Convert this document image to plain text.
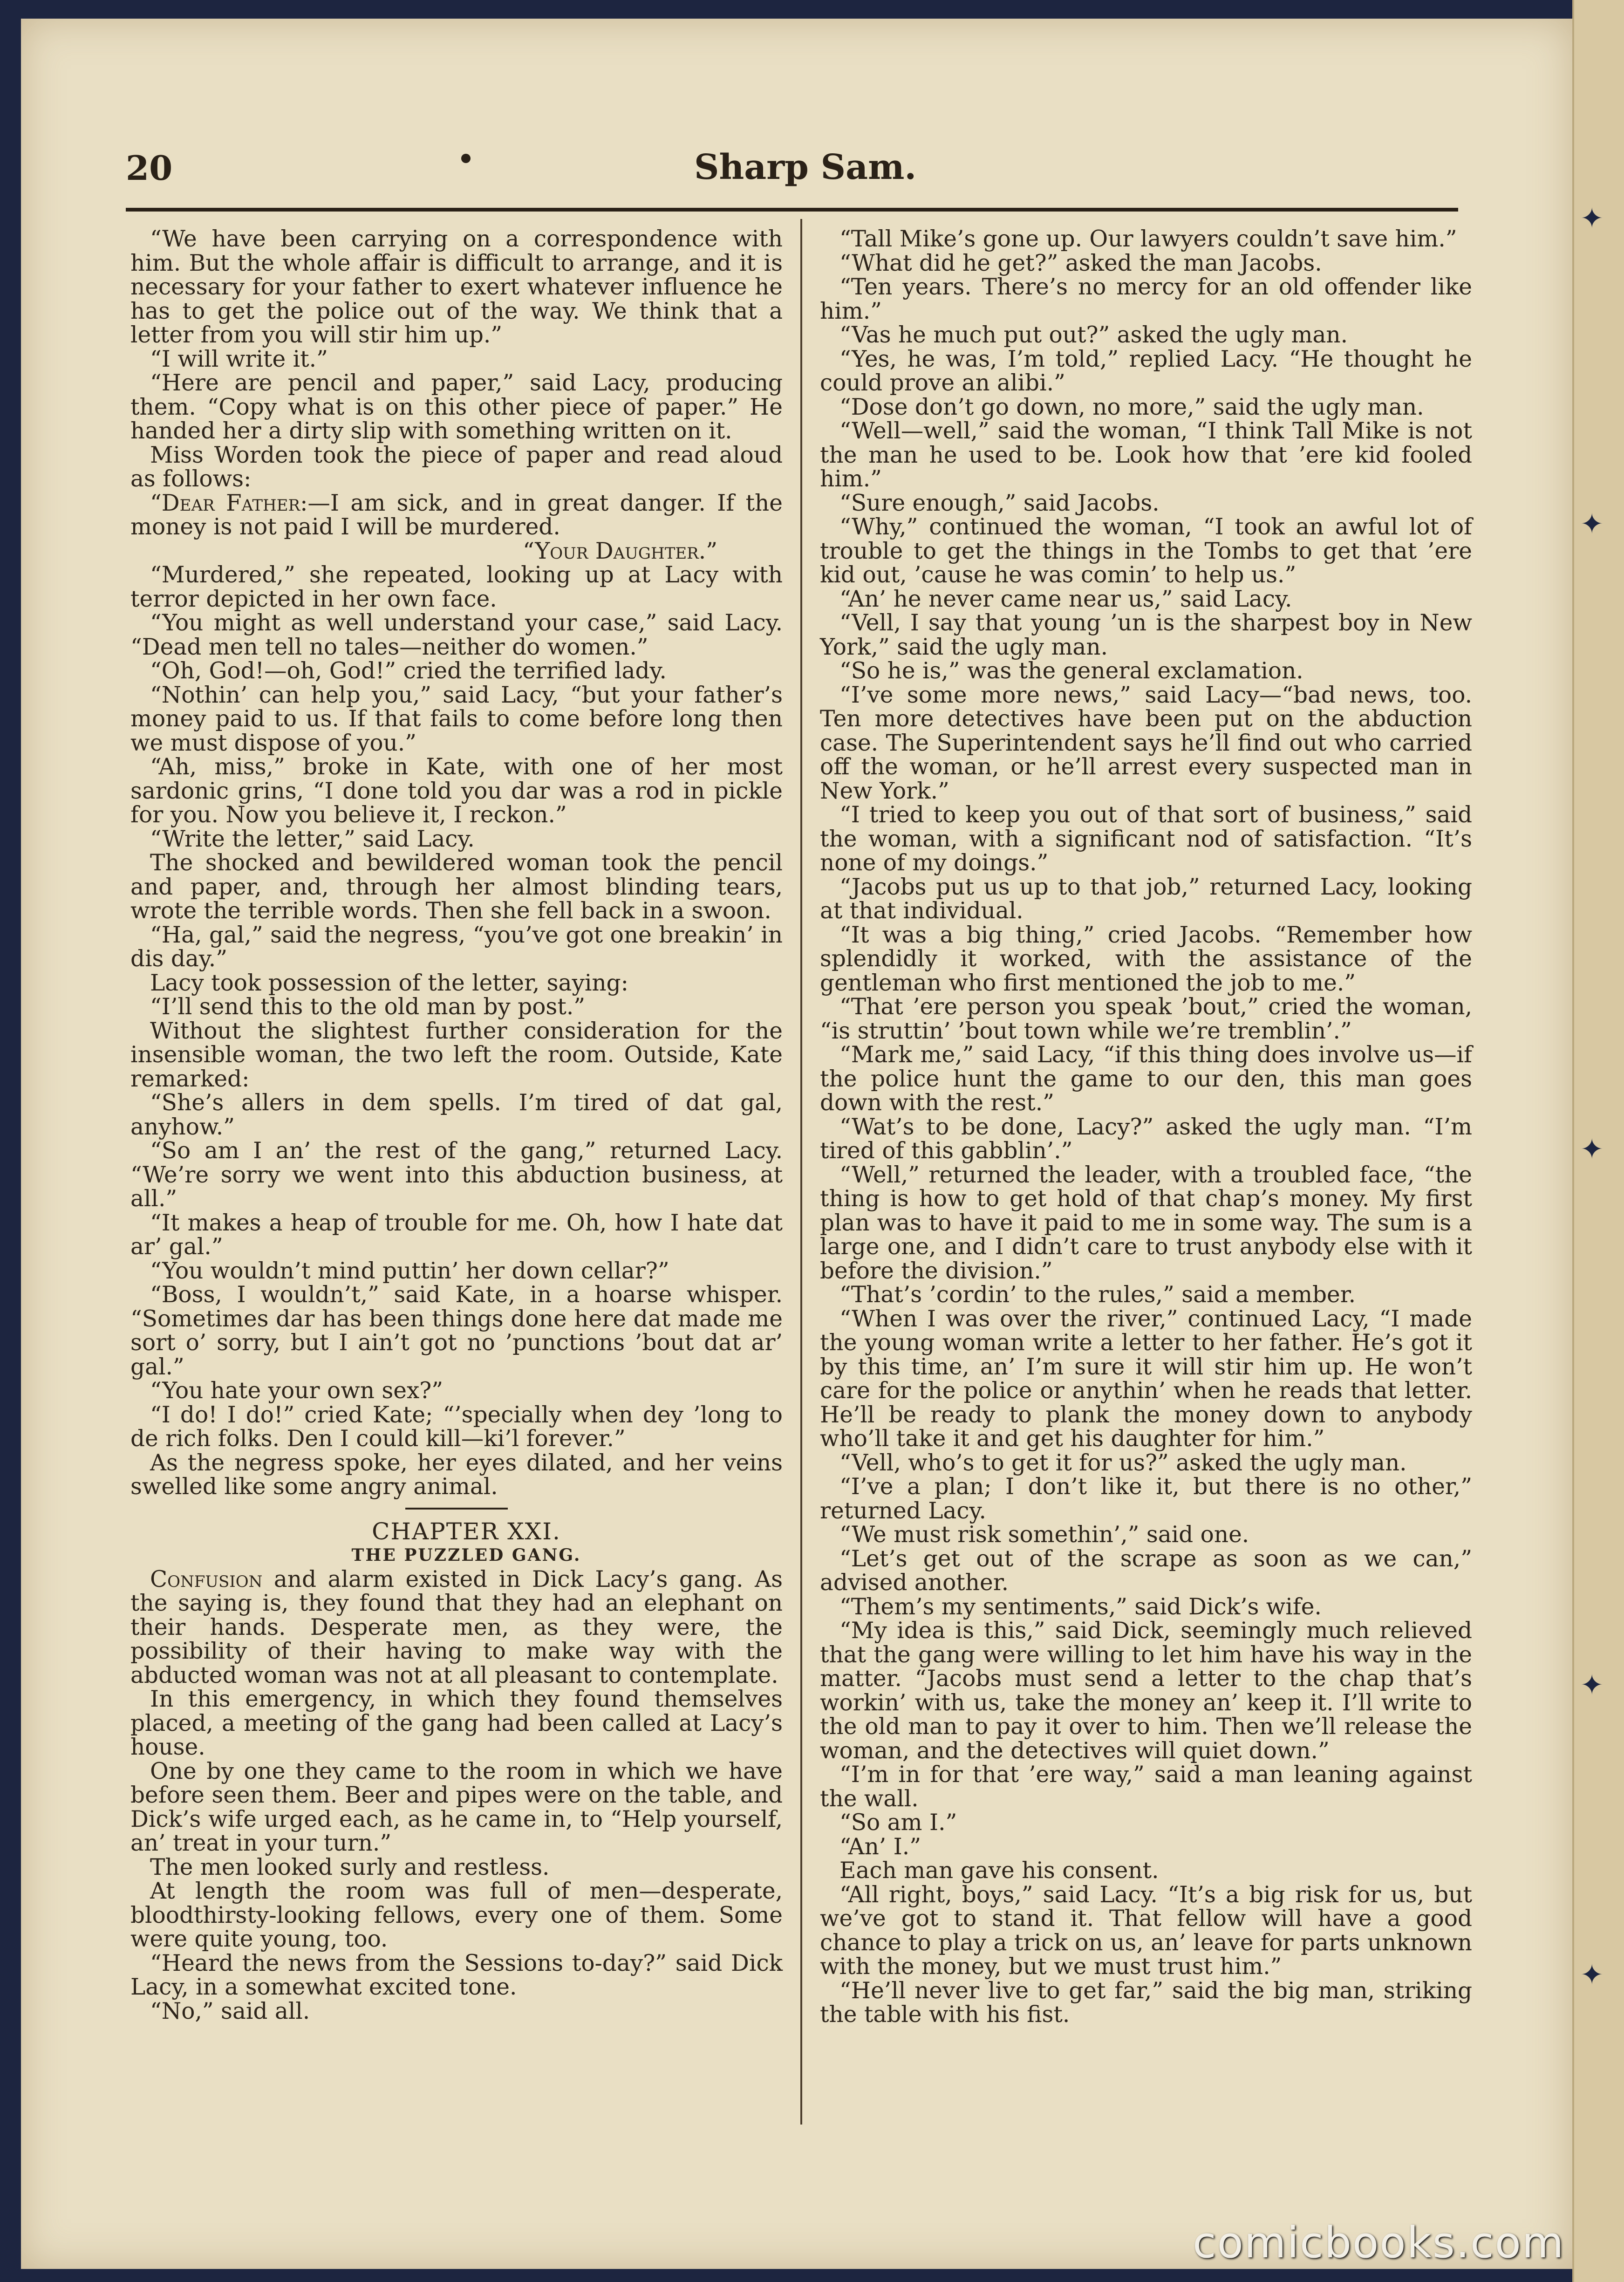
✦
✦
✦
✦
✦
20	Sharp Sam.

“We have been carrying on a correspondence with him. But the whole affair is difficult to arrange, and it is necessary for your father to exert whatever influence he has to get the police out of the way. We think that a letter from you will stir him up.”

“I will write it.”

“Here are pencil and paper,” said Lacy, producing them. “Copy what is on this other piece of paper.” He handed her a dirty slip with something written on it.

Miss Worden took the piece of paper and read aloud as follows:

“Dear Father:—I am sick, and in great danger. If the money is not paid I will be murdered.

“Your Daughter.”

“Murdered,” she repeated, looking up at Lacy with terror depicted in her own face.

“You might as well understand your case,” said Lacy. “Dead men tell no tales—neither do women.”

“Oh, God!—oh, God!” cried the terrified lady.

“Nothin’ can help you,” said Lacy, “but your father’s money paid to us. If that fails to come before long then we must dispose of you.”

“Ah, miss,” broke in Kate, with one of her most sardonic grins, “I done told you dar was a rod in pickle for you. Now you believe it, I reckon.”

“Write the letter,” said Lacy.

The shocked and bewildered woman took the pencil and paper, and, through her almost blinding tears, wrote the terrible words. Then she fell back in a swoon.

“Ha, gal,” said the negress, “you’ve got one breakin’ in dis day.”

Lacy took possession of the letter, saying:

“I’ll send this to the old man by post.”

Without the slightest further consideration for the insensible woman, the two left the room. Outside, Kate remarked:

“She’s allers in dem spells. I’m tired of dat gal, anyhow.”

“So am I an’ the rest of the gang,” returned Lacy. “We’re sorry we went into this abduction business, at all.”

“It makes a heap of trouble for me. Oh, how I hate dat ar’ gal.”

“You wouldn’t mind puttin’ her down cellar?”

“Boss, I wouldn’t,” said Kate, in a hoarse whisper. “Sometimes dar has been things done here dat made me sort o’ sorry, but I ain’t got no ’punctions ’bout dat ar’ gal.”

“You hate your own sex?”

“I do! I do!” cried Kate; “’specially when dey ’long to de rich folks. Den I could kill—ki’l forever.”

As the negress spoke, her eyes dilated, and her veins swelled like some angry animal.

CHAPTER XXI.

THE PUZZLED GANG.

Confusion and alarm existed in Dick Lacy’s gang. As the saying is, they found that they had an elephant on their hands. Desperate men, as they were, the possibility of their having to make way with the abducted woman was not at all pleasant to contemplate.

In this emergency, in which they found themselves placed, a meeting of the gang had been called at Lacy’s house.

One by one they came to the room in which we have before seen them. Beer and pipes were on the table, and Dick’s wife urged each, as he came in, to “Help yourself, an’ treat in your turn.”

The men looked surly and restless.

At length the room was full of men—desperate, bloodthirsty-looking fellows, every one of them. Some were quite young, too.

“Heard the news from the Sessions to-day?” said Dick Lacy, in a somewhat excited tone.

“No,” said all.

“Tall Mike’s gone up. Our lawyers couldn’t save him.”

“What did he get?” asked the man Jacobs.

“Ten years. There’s no mercy for an old offender like him.”

“Vas he much put out?” asked the ugly man.

“Yes, he was, I’m told,” replied Lacy. “He thought he could prove an alibi.”

“Dose don’t go down, no more,” said the ugly man.

“Well—well,” said the woman, “I think Tall Mike is not the man he used to be. Look how that ’ere kid fooled him.”

“Sure enough,” said Jacobs.

“Why,” continued the woman, “I took an awful lot of trouble to get the things in the Tombs to get that ’ere kid out, ’cause he was comin’ to help us.”

“An’ he never came near us,” said Lacy.

“Vell, I say that young ’un is the sharpest boy in New York,” said the ugly man.

“So he is,” was the general exclamation.

“I’ve some more news,” said Lacy—“bad news, too. Ten more detectives have been put on the abduction case. The Superintendent says he’ll find out who carried off the woman, or he’ll arrest every suspected man in New York.”

“I tried to keep you out of that sort of business,” said the woman, with a significant nod of satisfaction. “It’s none of my doings.”

“Jacobs put us up to that job,” returned Lacy, looking at that individual.

“It was a big thing,” cried Jacobs. “Remember how splendidly it worked, with the assistance of the gentleman who first mentioned the job to me.”

“That ’ere person you speak ’bout,” cried the woman, “is struttin’ ’bout town while we’re tremblin’.”

“Mark me,” said Lacy, “if this thing does involve us—if the police hunt the game to our den, this man goes down with the rest.”

“Wat’s to be done, Lacy?” asked the ugly man. “I’m tired of this gabblin’.”

“Well,” returned the leader, with a troubled face, “the thing is how to get hold of that chap’s money. My first plan was to have it paid to me in some way. The sum is a large one, and I didn’t care to trust anybody else with it before the division.”

“That’s ’cordin’ to the rules,” said a member.

“When I was over the river,” continued Lacy, “I made the young woman write a letter to her father. He’s got it by this time, an’ I’m sure it will stir him up. He won’t care for the police or anythin’ when he reads that letter. He’ll be ready to plank the money down to anybody who’ll take it and get his daughter for him.”

“Vell, who’s to get it for us?” asked the ugly man.

“I’ve a plan; I don’t like it, but there is no other,” returned Lacy.

“We must risk somethin’,” said one.

“Let’s get out of the scrape as soon as we can,” advised another.

“Them’s my sentiments,” said Dick’s wife.

“My idea is this,” said Dick, seemingly much relieved that the gang were willing to let him have his way in the matter. “Jacobs must send a letter to the chap that’s workin’ with us, take the money an’ keep it. I’ll write to the old man to pay it over to him. Then we’ll release the woman, and the detectives will quiet down.”

“I’m in for that ’ere way,” said a man leaning against the wall.

“So am I.”

“An’ I.”

Each man gave his consent.

“All right, boys,” said Lacy. “It’s a big risk for us, but we’ve got to stand it. That fellow will have a good chance to play a trick on us, an’ leave for parts unknown with the money, but we must trust him.”

“He’ll never live to get far,” said the big man, striking the table with his fist.

comicbooks.com
